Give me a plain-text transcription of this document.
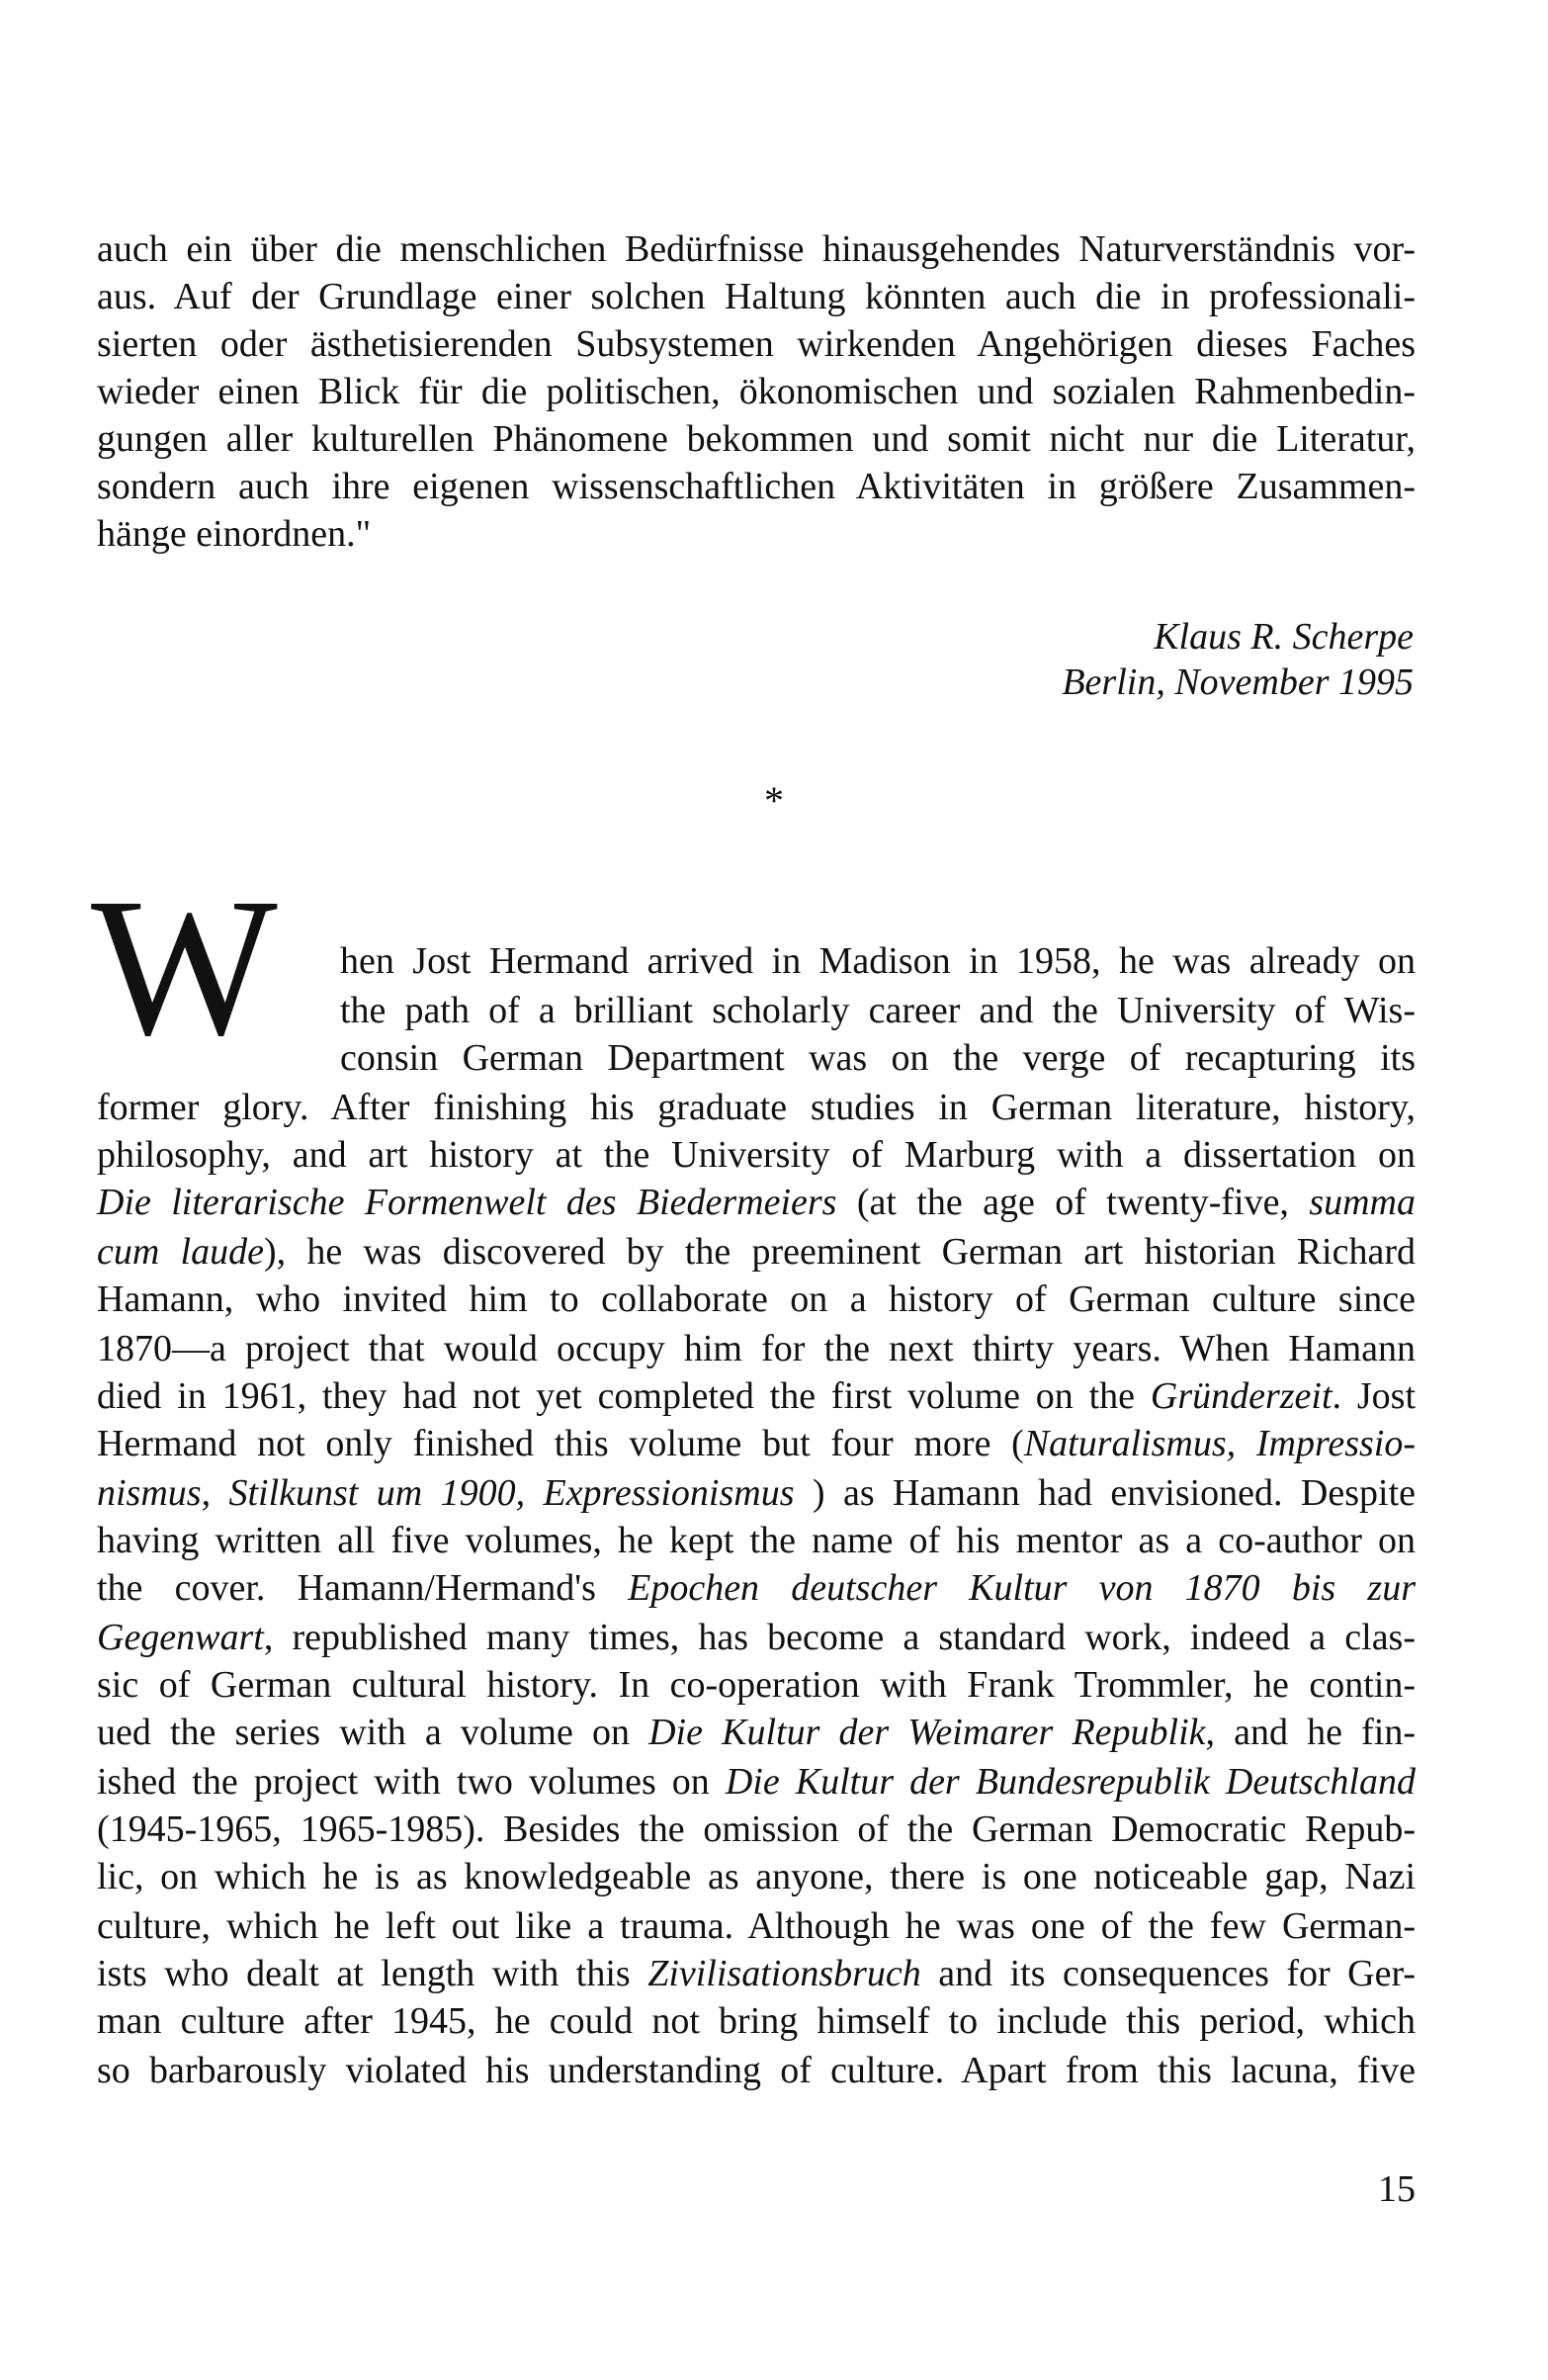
auch ein über die menschlichen Bedürfnisse hinausgehendes Naturverständnis vor-
aus. Auf der Grundlage einer solchen Haltung könnten auch die in professionali-
sierten oder ästhetisierenden Subsystemen wirkenden Angehörigen dieses Faches
wieder einen Blick für die politischen, ökonomischen und sozialen Rahmenbedin-
gungen aller kulturellen Phänomene bekommen und somit nicht nur die Literatur,
sondern auch ihre eigenen wissenschaftlichen Aktivitäten in größere Zusammen-
hänge einordnen."
Klaus R. Scherpe
Berlin, November 1995
*
W hen Jost Hermand arrived in Madison in 1958, he was already on
the path of a brilliant scholarly career and the University of Wis-
consin German Department was on the verge of recapturing its
former glory. After finishing his graduate studies in German literature, history,
philosophy, and art history at the University of Marburg with a dissertation on
Die literarische Formenwelt des Biedermeiers (at the age of twenty-five, summa
cum laude), he was discovered by the preeminent German art historian Richard
Hamann, who invited him to collaborate on a history of German culture since
1870—a project that would occupy him for the next thirty years. When Hamann
died in 1961, they had not yet completed the first volume on the Gründerzeit. Jost
Hermand not only finished this volume but four more (Naturalismus, Impressio-
nismus, Stilkunst um 1900, Expressionismus ) as Hamann had envisioned. Despite
having written all five volumes, he kept the name of his mentor as a co-author on
the cover. Hamann/Hermand's Epochen deutscher Kultur von 1870 bis zur
Gegenwart, republished many times, has become a standard work, indeed a clas-
sic of German cultural history. In co-operation with Frank Trommler, he contin-
ued the series with a volume on Die Kultur der Weimarer Republik, and he fin-
ished the project with two volumes on Die Kultur der Bundesrepublik Deutschland
(1945-1965, 1965-1985). Besides the omission of the German Democratic Repub-
lic, on which he is as knowledgeable as anyone, there is one noticeable gap, Nazi
culture, which he left out like a trauma. Although he was one of the few German-
ists who dealt at length with this Zivilisationsbruch and its consequences for Ger-
man culture after 1945, he could not bring himself to include this period, which
so barbarously violated his understanding of culture. Apart from this lacuna, five
15
